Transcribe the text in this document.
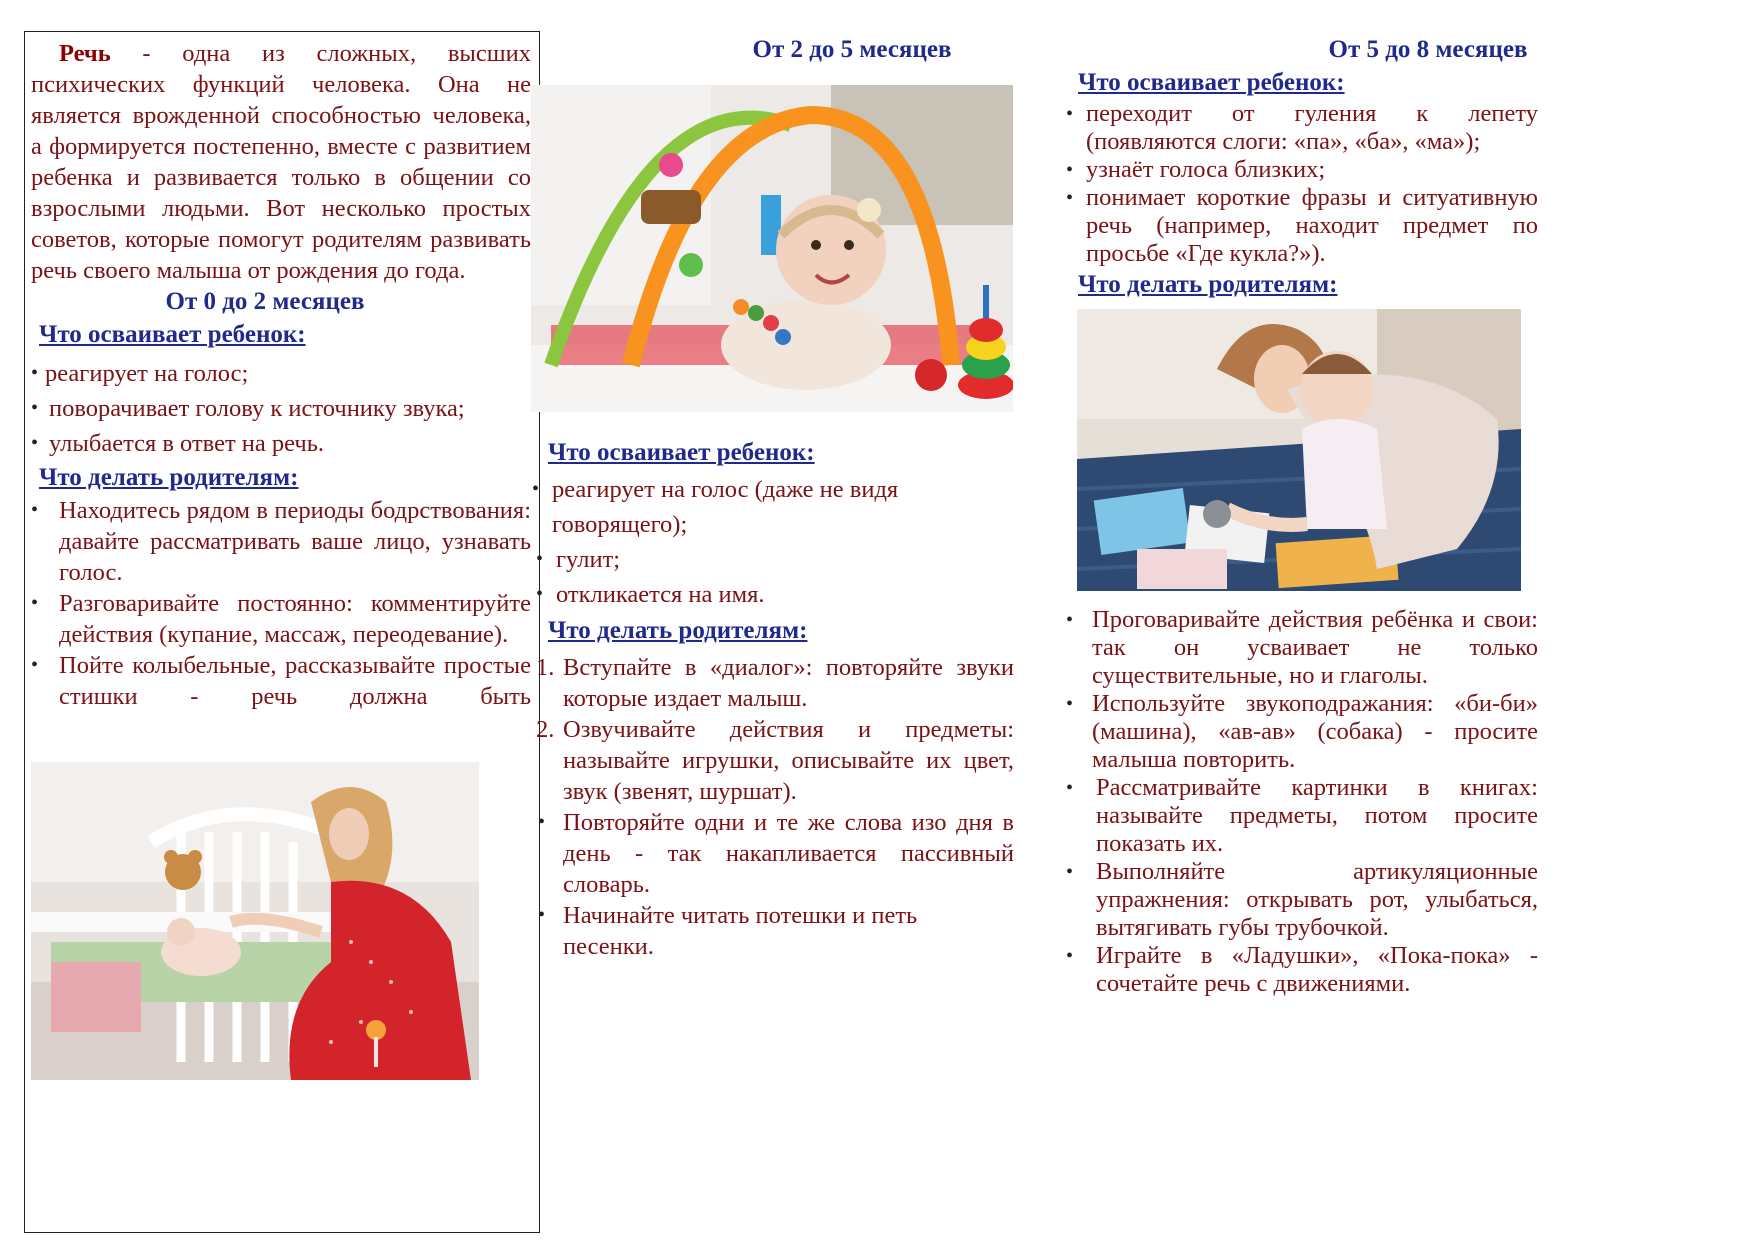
Речь - одна из сложных, высших психических функций человека. Она не является врожденной способностью человека, а формируется постепенно, вместе с развитием ребенка и развивается только в общении со взрослыми людьми. Вот несколько простых советов, которые помогут родителям развивать речь своего малыша от рождения до года.

От 0 до 2 месяцев

Что осваивает ребенок:

• реагирует на голос;
• поворачивает голову к источнику звука;
• улыбается в ответ на речь.

Что делать родителям:

• Находитесь рядом в периоды бодрствования: давайте рассматривать ваше лицо, узнавать голос.
• Разговаривайте постоянно: комментируйте действия (купание, массаж, переодевание).
• Пойте колыбельные, рассказывайте простые стишки - речь должна быть

От 2 до 5 месяцев

Что осваивает ребенок:

• реагирует на голос (даже не видя говорящего);
• гулит;
• откликается на имя.

Что делать родителям:

1. Вступайте в «диалог»: повторяйте звуки которые издает малыш.
2. Озвучивайте действия и предметы: называйте игрушки, описывайте их цвет, звук (звенят, шуршат).
• Повторяйте одни и те же слова изо дня в день - так накапливается пассивный словарь.
• Начинайте читать потешки и петь песенки.

От 5 до 8 месяцев

Что осваивает ребенок:

• переходит от гуления к лепету (появляются слоги: «па», «ба», «ма»);
• узнаёт голоса близких;
• понимает короткие фразы и ситуативную речь (например, находит предмет по просьбе «Где кукла?»).

Что делать родителям:

• Проговаривайте действия ребёнка и свои: так он усваивает не только существительные, но и глаголы.
• Используйте звукоподражания: «би-би» (машина), «ав-ав» (собака) - просите малыша повторить.
• Рассматривайте картинки в книгах: называйте предметы, потом просите показать их.
• Выполняйте артикуляционные упражнения: открывать рот, улыбаться, вытягивать губы трубочкой.
• Играйте в «Ладушки», «Пока-пока» - сочетайте речь с движениями.
